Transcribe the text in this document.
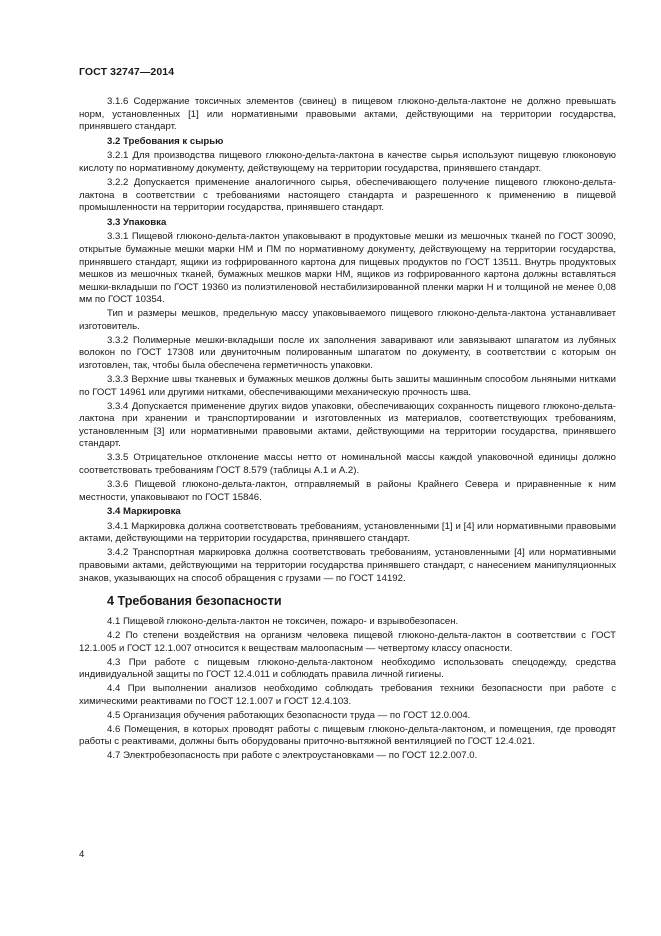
ГОСТ 32747—2014

3.1.6 Содержание токсичных элементов (свинец) в пищевом глюконо-дельта-лактоне не должно превышать норм, установленных [1] или нормативными правовыми актами, действующими на территории государства, принявшего стандарт.

3.2 Требования к сырью

3.2.1 Для производства пищевого глюконо-дельта-лактона в качестве сырья используют пищевую глюконовую кислоту по нормативному документу, действующему на территории государства, принявшего стандарт.

3.2.2 Допускается применение аналогичного сырья, обеспечивающего получение пищевого глюконо-дельта-лактона в соответствии с требованиями настоящего стандарта и разрешенного к применению в пищевой промышленности на территории государства, принявшего стандарт.

3.3 Упаковка

3.3.1 Пищевой глюконо-дельта-лактон упаковывают в продуктовые мешки из мешочных тканей по ГОСТ 30090, открытые бумажные мешки марки НМ и ПМ по нормативному документу, действующему на территории государства, принявшего стандарт, ящики из гофрированного картона для пищевых продуктов по ГОСТ 13511. Внутрь продуктовых мешков из мешочных тканей, бумажных мешков марки НМ, ящиков из гофрированного картона должны вставляться мешки-вкладыши по ГОСТ 19360 из полиэтиленовой нестабилизированной пленки марки Н и толщиной не менее 0,08 мм по ГОСТ 10354.

Тип и размеры мешков, предельную массу упаковываемого пищевого глюконо-дельта-лактона устанавливает изготовитель.

3.3.2 Полимерные мешки-вкладыши после их заполнения заваривают или завязывают шпагатом из лубяных волокон по ГОСТ 17308 или двуниточным полированным шпагатом по документу, в соответствии с которым он изготовлен, так, чтобы была обеспечена герметичность упаковки.

3.3.3 Верхние швы тканевых и бумажных мешков должны быть зашиты машинным способом льняными нитками по ГОСТ 14961 или другими нитками, обеспечивающими механическую прочность шва.

3.3.4 Допускается применение других видов упаковки, обеспечивающих сохранность пищевого глюконо-дельта-лактона при хранении и транспортировании и изготовленных из материалов, соответствующих требованиям, установленным [3] или нормативными правовыми актами, действующими на территории государства, принявшего стандарт.

3.3.5 Отрицательное отклонение массы нетто от номинальной массы каждой упаковочной единицы должно соответствовать требованиям ГОСТ 8.579 (таблицы А.1 и А.2).

3.3.6 Пищевой глюконо-дельта-лактон, отправляемый в районы Крайнего Севера и приравненные к ним местности, упаковывают по ГОСТ 15846.

3.4 Маркировка

3.4.1 Маркировка должна соответствовать требованиям, установленными [1] и [4] или нормативными правовыми актами, действующими на территории государства, принявшего стандарт.

3.4.2 Транспортная маркировка должна соответствовать требованиям, установленными [4] или нормативными правовыми актами, действующими на территории государства принявшего стандарт, с нанесением манипуляционных знаков, указывающих на способ обращения с грузами — по ГОСТ 14192.

4 Требования безопасности

4.1 Пищевой глюконо-дельта-лактон не токсичен, пожаро- и взрывобезопасен.

4.2 По степени воздействия на организм человека пищевой глюконо-дельта-лактон в соответствии с ГОСТ 12.1.005 и ГОСТ 12.1.007 относится к веществам малоопасным — четвертому классу опасности.

4.3 При работе с пищевым глюконо-дельта-лактоном необходимо использовать спецодежду, средства индивидуальной защиты по ГОСТ 12.4.011 и соблюдать правила личной гигиены.

4.4 При выполнении анализов необходимо соблюдать требования техники безопасности при работе с химическими реактивами по ГОСТ 12.1.007 и ГОСТ 12.4.103.

4.5 Организация обучения работающих безопасности труда — по ГОСТ 12.0.004.

4.6 Помещения, в которых проводят работы с пищевым глюконо-дельта-лактоном, и помещения, где проводят работы с реактивами, должны быть оборудованы приточно-вытяжной вентиляцией по ГОСТ 12.4.021.

4.7 Электробезопасность при работе с электроустановками — по ГОСТ 12.2.007.0.

4
